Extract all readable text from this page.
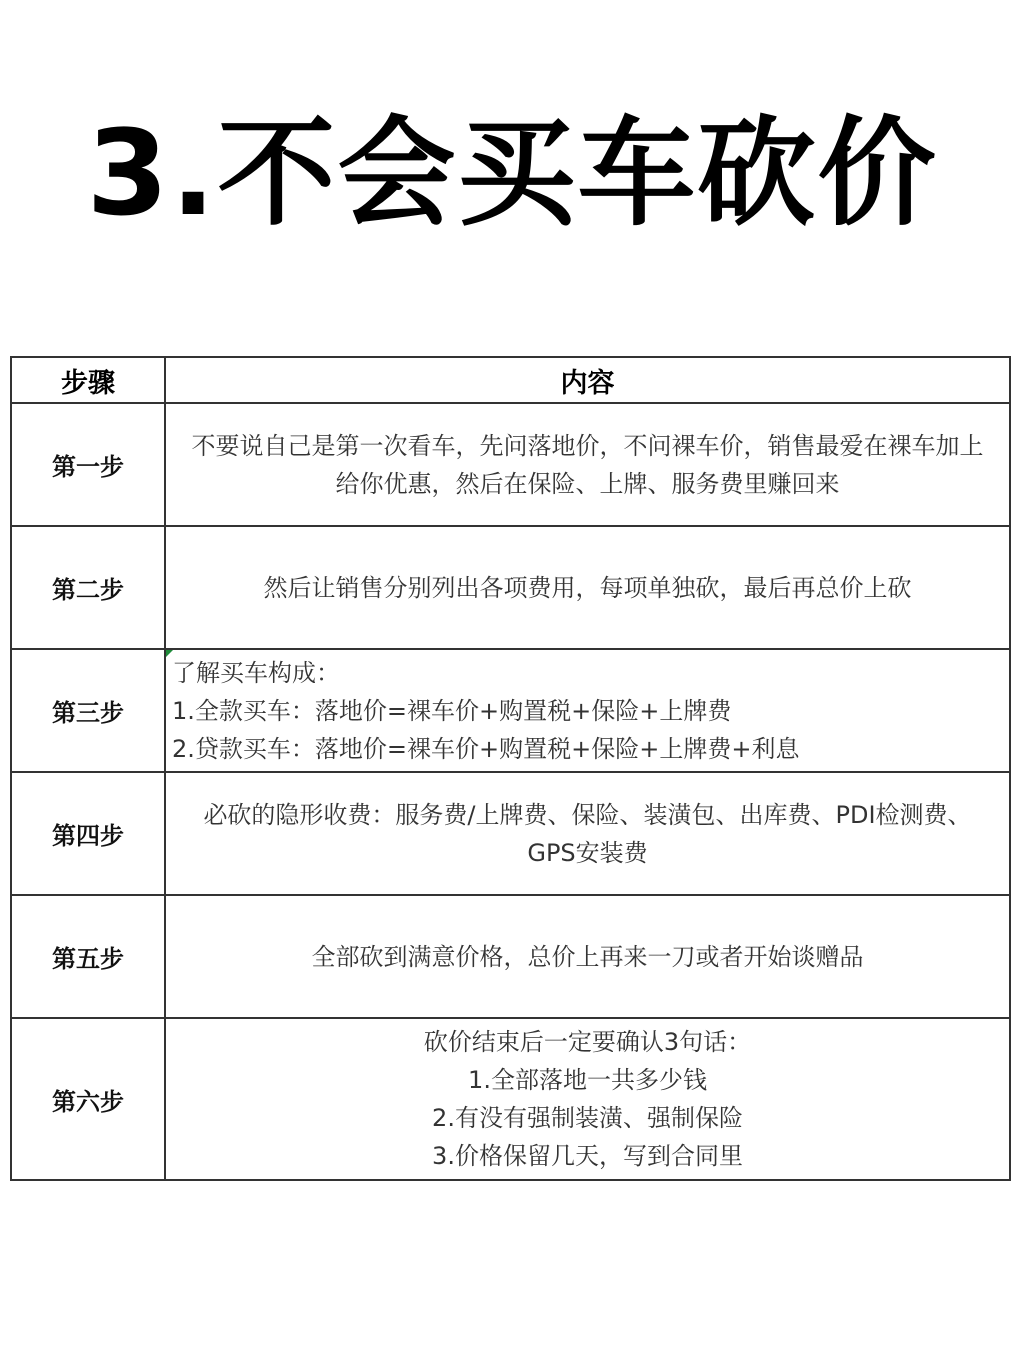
3.不会买车砍价
步骤	内容
第一步	不要说自己是第一次看车，先问落地价，不问裸车价，销售最爱在裸车加上给你优惠，然后在保险、上牌、服务费里赚回来

第二步	然后让销售分别列出各项费用，每项单独砍，最后再总价上砍

第三步	了解买车构成：
1.全款买车：落地价=裸车价+购置税+保险+上牌费
2.贷款买车：落地价=裸车价+购置税+保险+上牌费+利息

第四步	必砍的隐形收费：服务费/上牌费、保险、装潢包、出库费、PDI检测费、GPS安装费

第五步	全部砍到满意价格，总价上再来一刀或者开始谈赠品

第六步	砍价结束后一定要确认3句话：
1.全部落地一共多少钱
2.有没有强制装潢、强制保险
3.价格保留几天，写到合同里
